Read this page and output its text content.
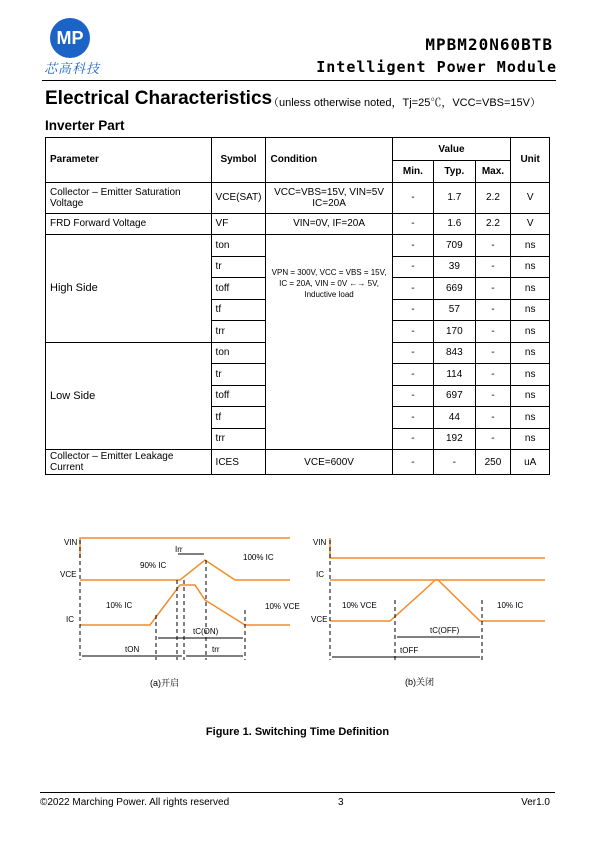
MP
芯高科技
MPBM20N60BTB
Intelligent Power Module
Electrical Characteristics
（unless otherwise noted，Tj=25℃，VCC=VBS=15V）
Inverter Part
Parameter	Symbol	Condition	Value			Unit
			Min.	Typ.	Max.	
Collector – Emitter Saturation Voltage	VCE(SAT)	VCC=VBS=15V, VIN=5V IC=20A	-	1.7	2.2	V
FRD Forward Voltage	VF	VIN=0V, IF=20A	-	1.6	2.2	V
High Side	ton	VPN = 300V, VCC = VBS = 15V, IC = 20A, VIN = 0V ←→ 5V, Inductive load	-	709	-	ns
	tr		-	39	-	ns
	toff		-	669	-	ns
	tf		-	57	-	ns
	trr		-	170	-	ns
Low Side	ton		-	843	-	ns
	tr		-	114	-	ns
	toff		-	697	-	ns
	tf		-	44	-	ns
	trr		-	192	-	ns
Collector – Emitter Leakage Current	ICES	VCE=600V	-	-	250	uA
VIN
VCE
IC
Irr
90% IC
100% IC
10% IC	10% VCE
tC(ON)
tON	trr
(a)开启
VIN
IC
VCE
10% VCE	10% IC
tC(OFF)
tOFF
(b)关闭
Figure 1. Switching Time Definition
©2022 Marching Power. All rights reserved	3	Ver1.0
